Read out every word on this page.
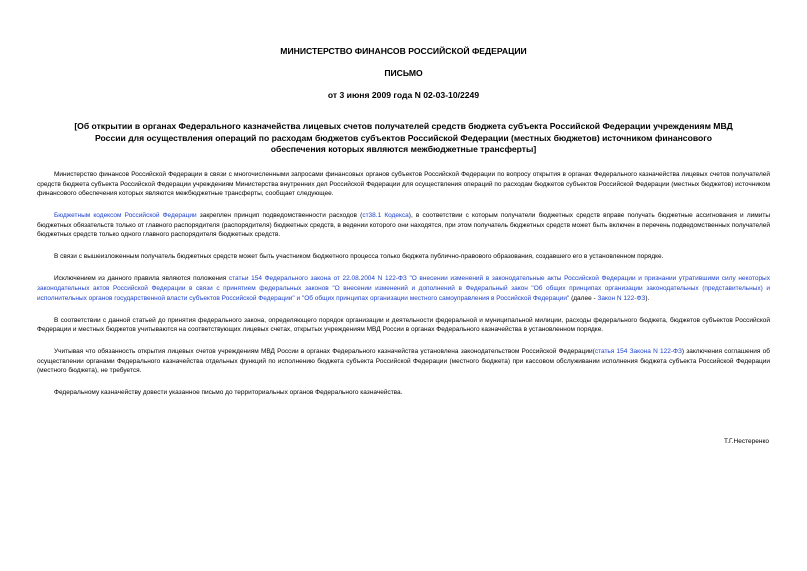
МИНИСТЕРСТВО ФИНАНСОВ РОССИЙСКОЙ ФЕДЕРАЦИИ
ПИСЬМО
от 3 июня 2009 года N 02-03-10/2249
[Об открытии в органах Федерального казначейства лицевых счетов получателей средств бюджета субъекта Российской Федерации учреждениям МВД России для осуществления операций по расходам бюджетов субъектов Российской Федерации (местных бюджетов) источником финансового обеспечения которых являются межбюджетные трансферты]

Министерство финансов Российской Федерации в связи с многочисленными запросами финансовых органов субъектов Российской Федерации по вопросу открытия в органах Федерального казначейства лицевых счетов получателей средств бюджета субъекта Российской Федерации учреждениям Министерства внутренних дел Российской Федерации для осуществления операций по расходам бюджетов субъектов Российской Федерации (местных бюджетов) источником финансового обеспечения которых являются межбюджетные трансферты, сообщает следующее.

Бюджетным кодексом Российской Федерации закреплен принцип подведомственности расходов (ст38.1 Кодекса), в соответствии с которым получатели бюджетных средств вправе получать бюджетные ассигнования и лимиты бюджетных обязательств только от главного распорядителя (распорядителя) бюджетных средств, в ведении которого они находятся, при этом получатель бюджетных средств может быть включен в перечень подведомственных получателей бюджетных средств только одного главного распорядителя бюджетных средств.

В связи с вышеизложенным получатель бюджетных средств может быть участником бюджетного процесса только бюджета публично-правового образования, создавшего его в установленном порядке.

Исключением из данного правила являются положения статьи 154 Федерального закона от 22.08.2004 N 122-ФЗ "О внесении изменений в законодательные акты Российской Федерации и признании утратившими силу некоторых законодательных актов Российской Федерации в связи с принятием федеральных законов "О внесении изменений и дополнений в Федеральный закон "Об общих принципах организации законодательных (представительных) и исполнительных органов государственной власти субъектов Российской Федерации" и "Об общих принципах организации местного самоуправления в Российской Федерации" (далее - Закон N 122-ФЗ).

В соответствии с данной статьей до принятия федерального закона, определяющего порядок организации и деятельности федеральной и муниципальной милиции, расходы федерального бюджета, бюджетов субъектов Российской Федерации и местных бюджетов учитываются на соответствующих лицевых счетах, открытых учреждениям МВД России в органах Федерального казначейства в установленном порядке.

Учитывая что обязанность открытия лицевых счетов учреждениям МВД России в органах Федерального казначейства установлена законодательством Российской Федерации(статья 154 Закона N 122-ФЗ) заключения соглашения об осуществлении органами Федерального казначейства отдельных функций по исполнению бюджета субъекта Российской Федерации (местного бюджета) при кассовом обслуживании исполнения бюджета субъекта Российской Федерации (местного бюджета), не требуется.

Федеральному казначейству довести указанное письмо до территориальных органов Федерального казначейства.

Т.Г.Нестеренко
